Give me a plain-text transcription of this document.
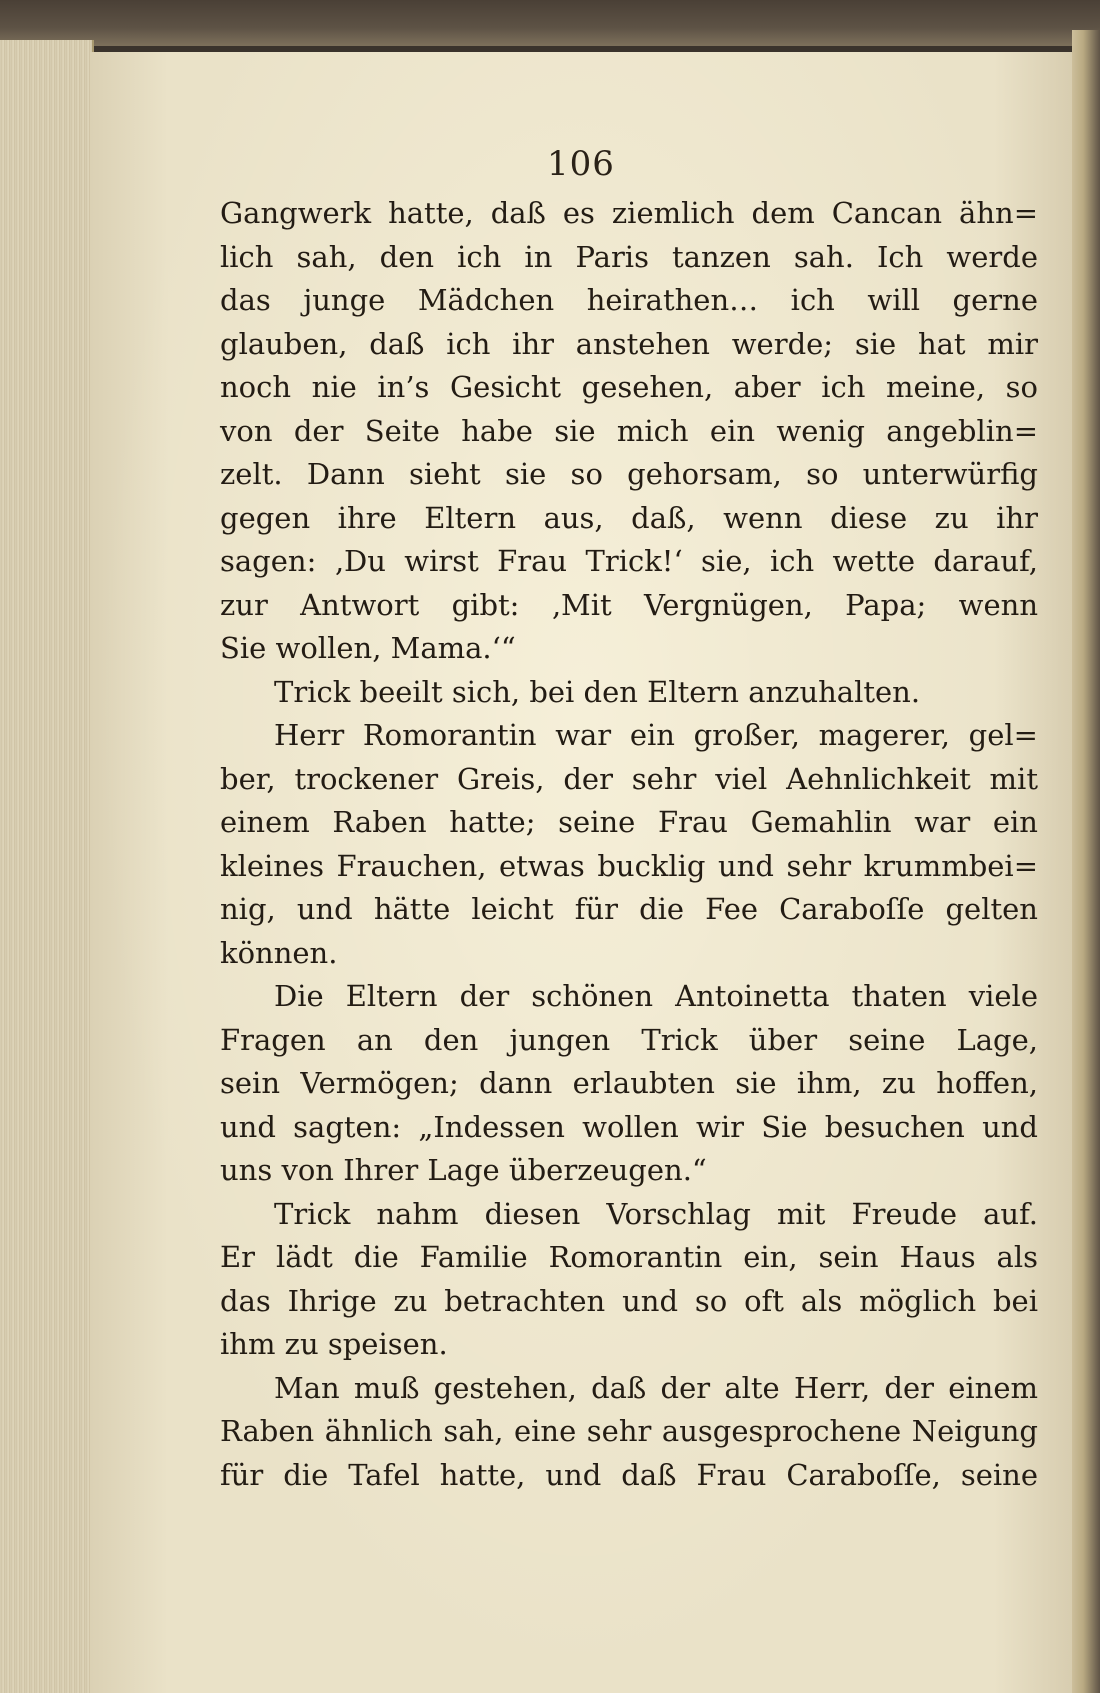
106
Gangwerk hatte, daß es ziemlich dem Cancan ähn=
lich sah, den ich in Paris tanzen sah. Ich werde
das junge Mädchen heirathen… ich will gerne
glauben, daß ich ihr anstehen werde; sie hat mir
noch nie in’s Gesicht gesehen, aber ich meine, so
von der Seite habe sie mich ein wenig angeblin=
zelt. Dann sieht sie so gehorsam, so unterwürfig
gegen ihre Eltern aus, daß, wenn diese zu ihr
sagen: ‚Du wirst Frau Trick!‘ sie, ich wette darauf,
zur Antwort gibt: ‚Mit Vergnügen, Papa; wenn
Sie wollen, Mama.‘“
Trick beeilt sich, bei den Eltern anzuhalten.
Herr Romorantin war ein großer, magerer, gel=
ber, trockener Greis, der sehr viel Aehnlichkeit mit
einem Raben hatte; seine Frau Gemahlin war ein
kleines Frauchen, etwas bucklig und sehr krummbei=
nig, und hätte leicht für die Fee Caraboſſe gelten
können.
Die Eltern der schönen Antoinetta thaten viele
Fragen an den jungen Trick über seine Lage,
sein Vermögen; dann erlaubten sie ihm, zu hoffen,
und sagten: „Indessen wollen wir Sie besuchen und
uns von Ihrer Lage überzeugen.“
Trick nahm diesen Vorschlag mit Freude auf.
Er lädt die Familie Romorantin ein, sein Haus als
das Ihrige zu betrachten und so oft als möglich bei
ihm zu speisen.
Man muß gestehen, daß der alte Herr, der einem
Raben ähnlich sah, eine sehr ausgesprochene Neigung
für die Tafel hatte, und daß Frau Caraboſſe, seine
